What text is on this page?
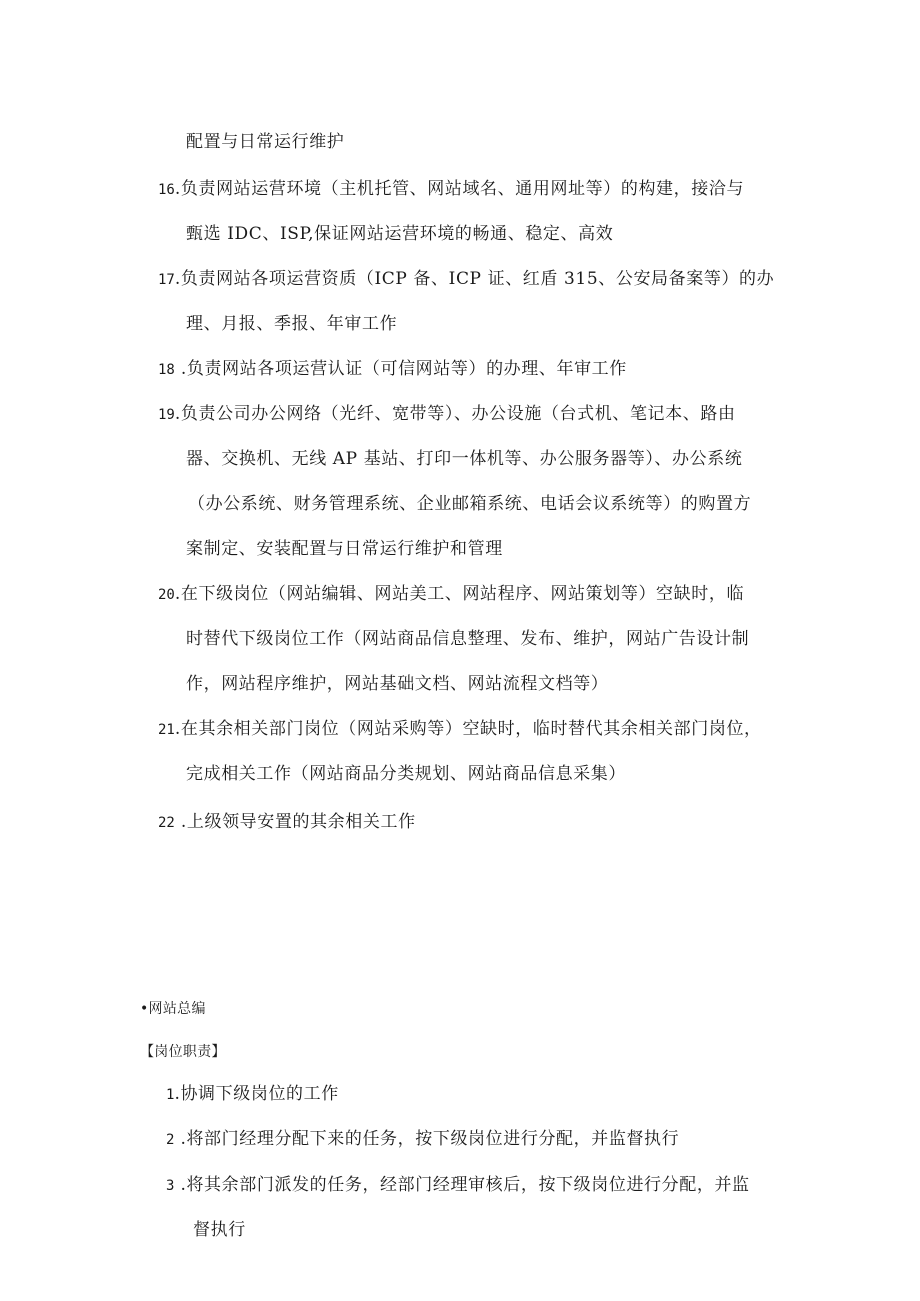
配置与日常运行维护
16.负责网站运营环境（主机托管、网站域名、通用网址等）的构建，接洽与
甄选 IDC、ISP,保证网站运营环境的畅通、稳定、高效
17.负责网站各项运营资质（ICP 备、ICP 证、红盾 315、公安局备案等）的办
理、月报、季报、年审工作
18 .负责网站各项运营认证（可信网站等）的办理、年审工作
19.负责公司办公网络（光纤、宽带等）、办公设施（台式机、笔记本、路由
器、交换机、无线 AP 基站、打印一体机等、办公服务器等）、办公系统
（办公系统、财务管理系统、企业邮箱系统、电话会议系统等）的购置方
案制定、安装配置与日常运行维护和管理
20.在下级岗位（网站编辑、网站美工、网站程序、网站策划等）空缺时，临
时替代下级岗位工作（网站商品信息整理、发布、维护，网站广告设计制
作，网站程序维护，网站基础文档、网站流程文档等）
21.在其余相关部门岗位（网站采购等）空缺时，临时替代其余相关部门岗位，
完成相关工作（网站商品分类规划、网站商品信息采集）
22 .上级领导安置的其余相关工作
•网站总编
【岗位职责】
1.协调下级岗位的工作
2 .将部门经理分配下来的任务，按下级岗位进行分配，并监督执行
3 .将其余部门派发的任务，经部门经理审核后，按下级岗位进行分配，并监
督执行
